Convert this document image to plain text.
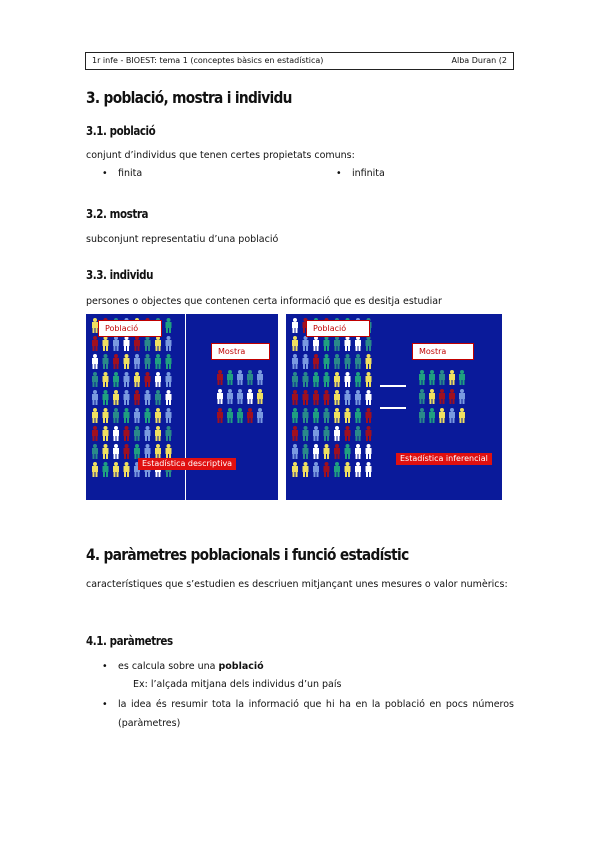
1r infe - BIOEST: tema 1 (conceptes bàsics en estadística)	Alba Duran (2
3. població, mostra i individu
3.1. població

conjunt d’individus que tenen certes propietats comuns:

• finita	• infinita
3.2. mostra

subconjunt representatiu d’una població

3.3. individu

persones o objectes que contenen certa informació que es desitja estudiar

Població
Mostra
Estadística descriptiva
Població
Mostra
Estadística inferencial
4. paràmetres poblacionals i funció estadístic

característiques que s’estudien es descriuen mitjançant unes mesures o valor numèrics:

4.1. paràmetres
• es calcula sobre una població

Ex: l’alçada mitjana dels individus d’un país

• la idea és resumir tota la informació que hi ha en la població en pocs números (paràmetres)
